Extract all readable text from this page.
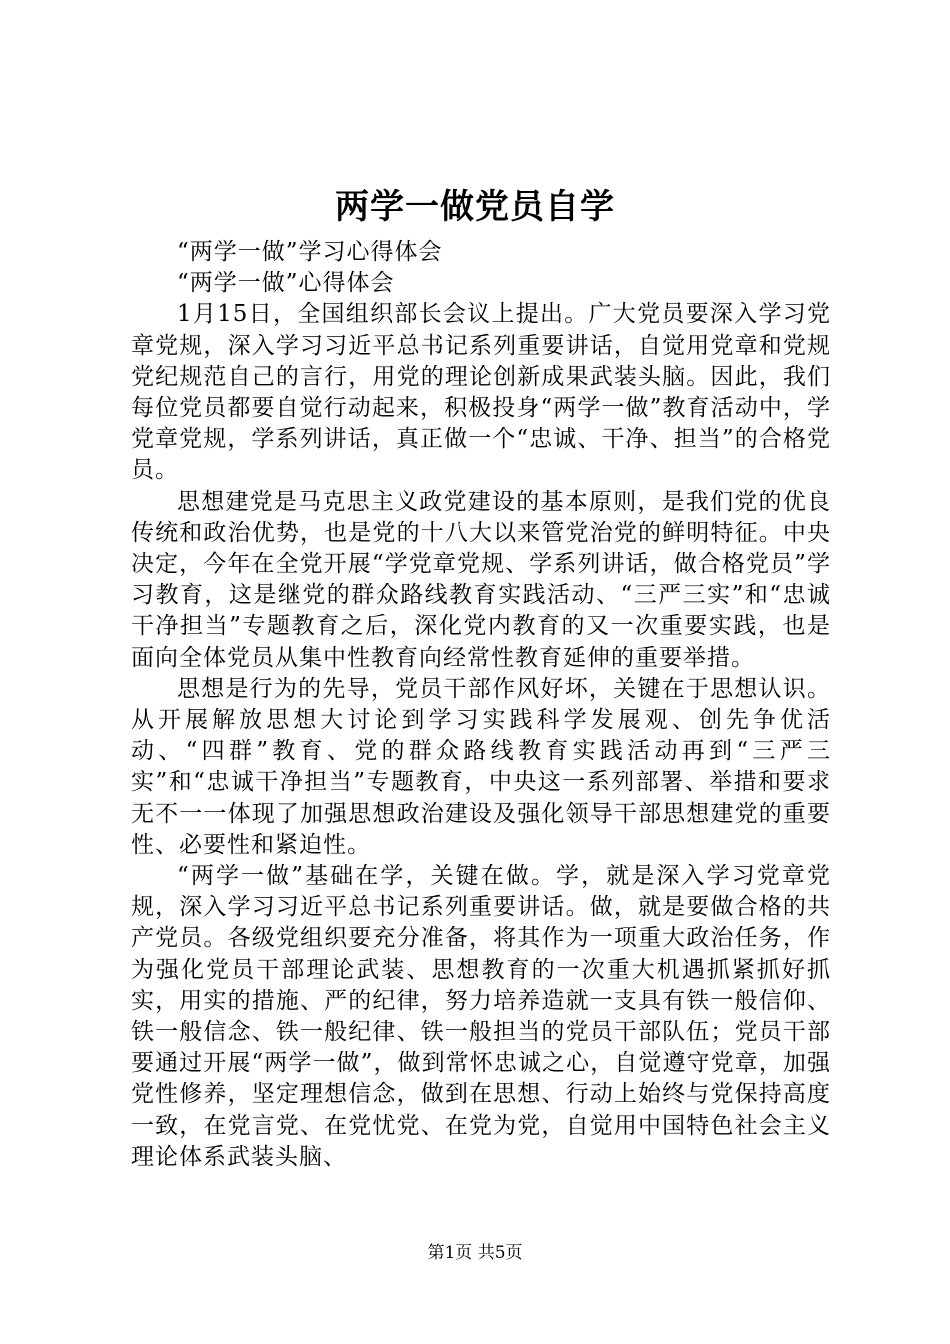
两学一做党员自学

“两学一做”学习心得体会

“两学一做”心得体会

1月15日，全国组织部长会议上提出。广大党员要深入学习党章党规，深入学习习近平总书记系列重要讲话，自觉用党章和党规党纪规范自己的言行，用党的理论创新成果武装头脑。因此，我们每位党员都要自觉行动起来，积极投身“两学一做”教育活动中，学党章党规，学系列讲话，真正做一个“忠诚、干净、担当”的合格党员。

思想建党是马克思主义政党建设的基本原则，是我们党的优良传统和政治优势，也是党的十八大以来管党治党的鲜明特征。中央决定，今年在全党开展“学党章党规、学系列讲话，做合格党员”学习教育，这是继党的群众路线教育实践活动、“三严三实”和“忠诚干净担当”专题教育之后，深化党内教育的又一次重要实践，也是面向全体党员从集中性教育向经常性教育延伸的重要举措。

思想是行为的先导，党员干部作风好坏，关键在于思想认识。从开展解放思想大讨论到学习实践科学发展观、创先争优活动、“四群”教育、党的群众路线教育实践活动再到“三严三实”和“忠诚干净担当”专题教育，中央这一系列部署、举措和要求无不一一体现了加强思想政治建设及强化领导干部思想建党的重要性、必要性和紧迫性。

“两学一做”基础在学，关键在做。学，就是深入学习党章党规，深入学习习近平总书记系列重要讲话。做，就是要做合格的共产党员。各级党组织要充分准备，将其作为一项重大政治任务，作为强化党员干部理论武装、思想教育的一次重大机遇抓紧抓好抓实，用实的措施、严的纪律，努力培养造就一支具有铁一般信仰、铁一般信念、铁一般纪律、铁一般担当的党员干部队伍；党员干部要通过开展“两学一做”，做到常怀忠诚之心，自觉遵守党章，加强党性修养，坚定理想信念，做到在思想、行动上始终与党保持高度一致，在党言党、在党忧党、在党为党，自觉用中国特色社会主义理论体系武装头脑、

第1页 共5页
